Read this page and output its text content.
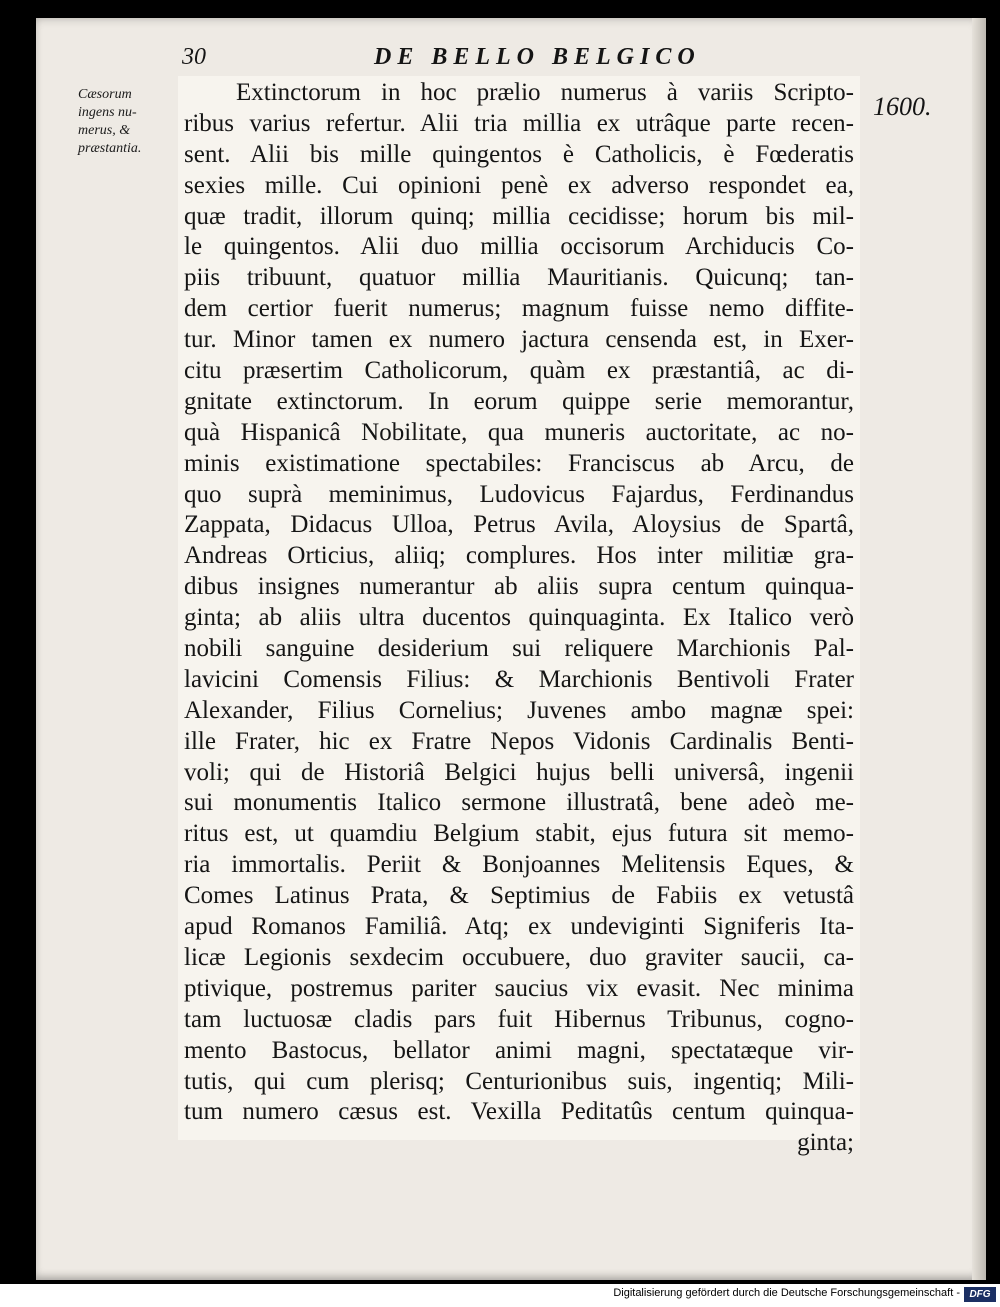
30	DE BELLO BELGICO
1600.
Cæsorum
ingens nu-
merus, &
præstantia.
Extinctorum in hoc prælio numerus à variis Scripto-
ribus varius refertur. Alii tria millia ex utrâque parte recen-
sent. Alii bis mille quingentos è Catholicis, è Fœderatis
sexies mille. Cui opinioni penè ex adverso respondet ea,
quæ tradit, illorum quinq; millia cecidisse; horum bis mil-
le quingentos. Alii duo millia occisorum Archiducis Co-
piis tribuunt, quatuor millia Mauritianis. Quicunq; tan-
dem certior fuerit numerus; magnum fuisse nemo diffite-
tur. Minor tamen ex numero jactura censenda est, in Exer-
citu præsertim Catholicorum, quàm ex præstantiâ, ac di-
gnitate extinctorum. In eorum quippe serie memorantur,
quà Hispanicâ Nobilitate, qua muneris auctoritate, ac no-
minis existimatione spectabiles: Franciscus ab Arcu, de
quo suprà meminimus, Ludovicus Fajardus, Ferdinandus
Zappata, Didacus Ulloa, Petrus Avila, Aloysius de Spartâ,
Andreas Orticius, aliiq; complures. Hos inter militiæ gra-
dibus insignes numerantur ab aliis supra centum quinqua-
ginta; ab aliis ultra ducentos quinquaginta. Ex Italico verò
nobili sanguine desiderium sui reliquere Marchionis Pal-
lavicini Comensis Filius: & Marchionis Bentivoli Frater
Alexander, Filius Cornelius; Juvenes ambo magnæ spei:
ille Frater, hic ex Fratre Nepos Vidonis Cardinalis Benti-
voli; qui de Historiâ Belgici hujus belli universâ, ingenii
sui monumentis Italico sermone illustratâ, bene adeò me-
ritus est, ut quamdiu Belgium stabit, ejus futura sit memo-
ria immortalis. Periit & Bonjoannes Melitensis Eques, &
Comes Latinus Prata, & Septimius de Fabiis ex vetustâ
apud Romanos Familiâ. Atq; ex undeviginti Signiferis Ita-
licæ Legionis sexdecim occubuere, duo graviter saucii, ca-
ptivique, postremus pariter saucius vix evasit. Nec minima
tam luctuosæ cladis pars fuit Hibernus Tribunus, cogno-
mento Bastocus, bellator animi magni, spectatæque vir-
tutis, qui cum plerisq; Centurionibus suis, ingentiq; Mili-
tum numero cæsus est. Vexilla Peditatûs centum quinqua-
ginta;
Digitalisierung gefördert durch die Deutsche Forschungsgemeinschaft - DFG
